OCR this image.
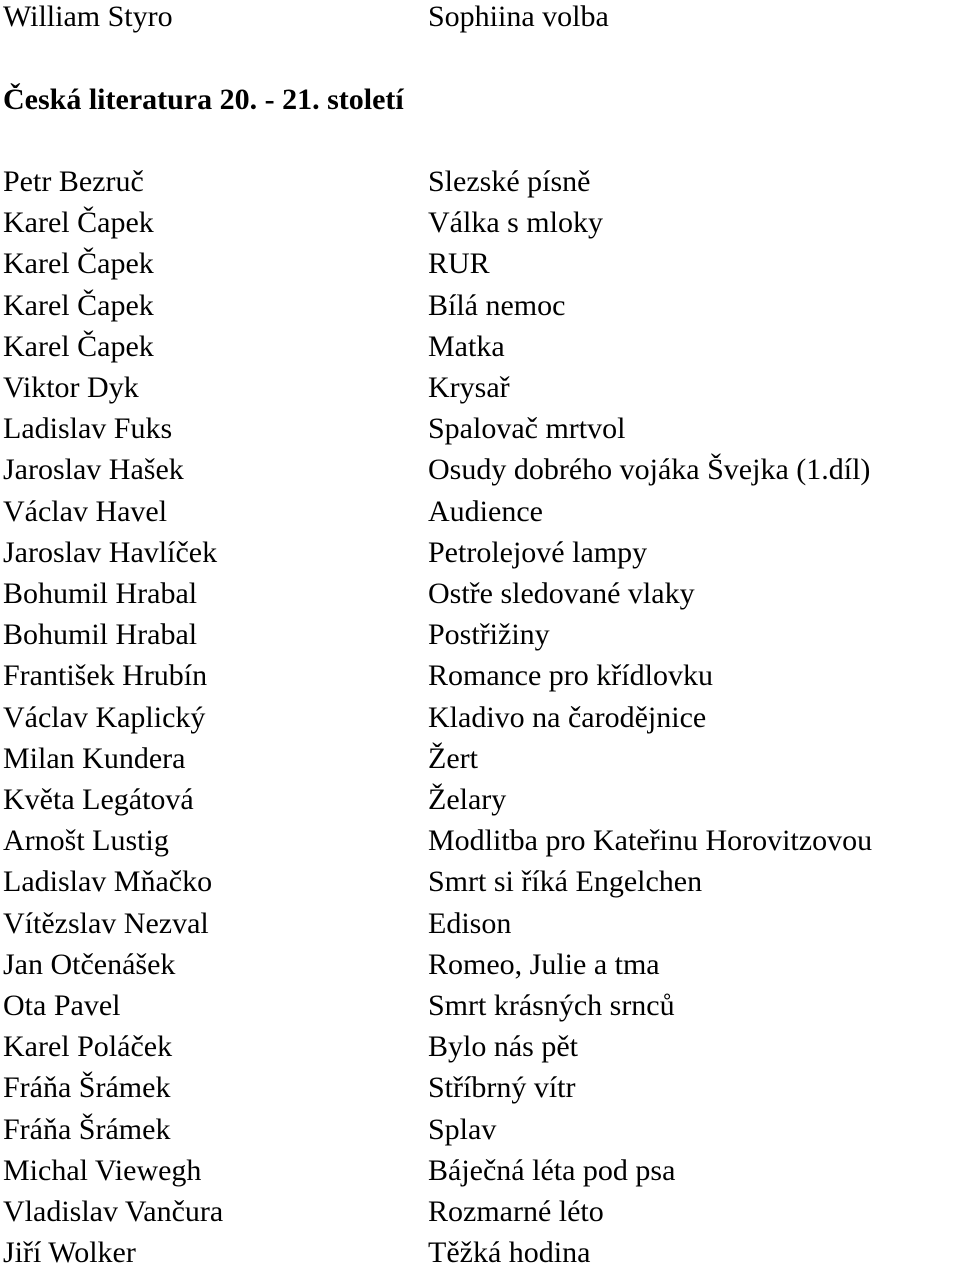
William Styro	Sophiina volba
Česká literatura 20. - 21. století
Petr Bezruč	Slezské písně
Karel Čapek	Válka s mloky
Karel Čapek	RUR
Karel Čapek	Bílá nemoc
Karel Čapek	Matka
Viktor Dyk	Krysař
Ladislav Fuks	Spalovač mrtvol
Jaroslav Hašek	Osudy dobrého vojáka Švejka (1.díl)
Václav Havel	Audience
Jaroslav Havlíček	Petrolejové lampy
Bohumil Hrabal	Ostře sledované vlaky
Bohumil Hrabal	Postřižiny
František Hrubín	Romance pro křídlovku
Václav Kaplický	Kladivo na čarodějnice
Milan Kundera	Žert
Květa Legátová	Želary
Arnošt Lustig	Modlitba pro Kateřinu Horovitzovou
Ladislav Mňačko	Smrt si říká Engelchen
Vítězslav Nezval	Edison
Jan Otčenášek	Romeo, Julie a tma
Ota Pavel	Smrt krásných srnců
Karel Poláček	Bylo nás pět
Fráňa Šrámek	Stříbrný vítr
Fráňa Šrámek	Splav
Michal Viewegh	Báječná léta pod psa
Vladislav Vančura	Rozmarné léto
Jiří Wolker	Těžká hodina
